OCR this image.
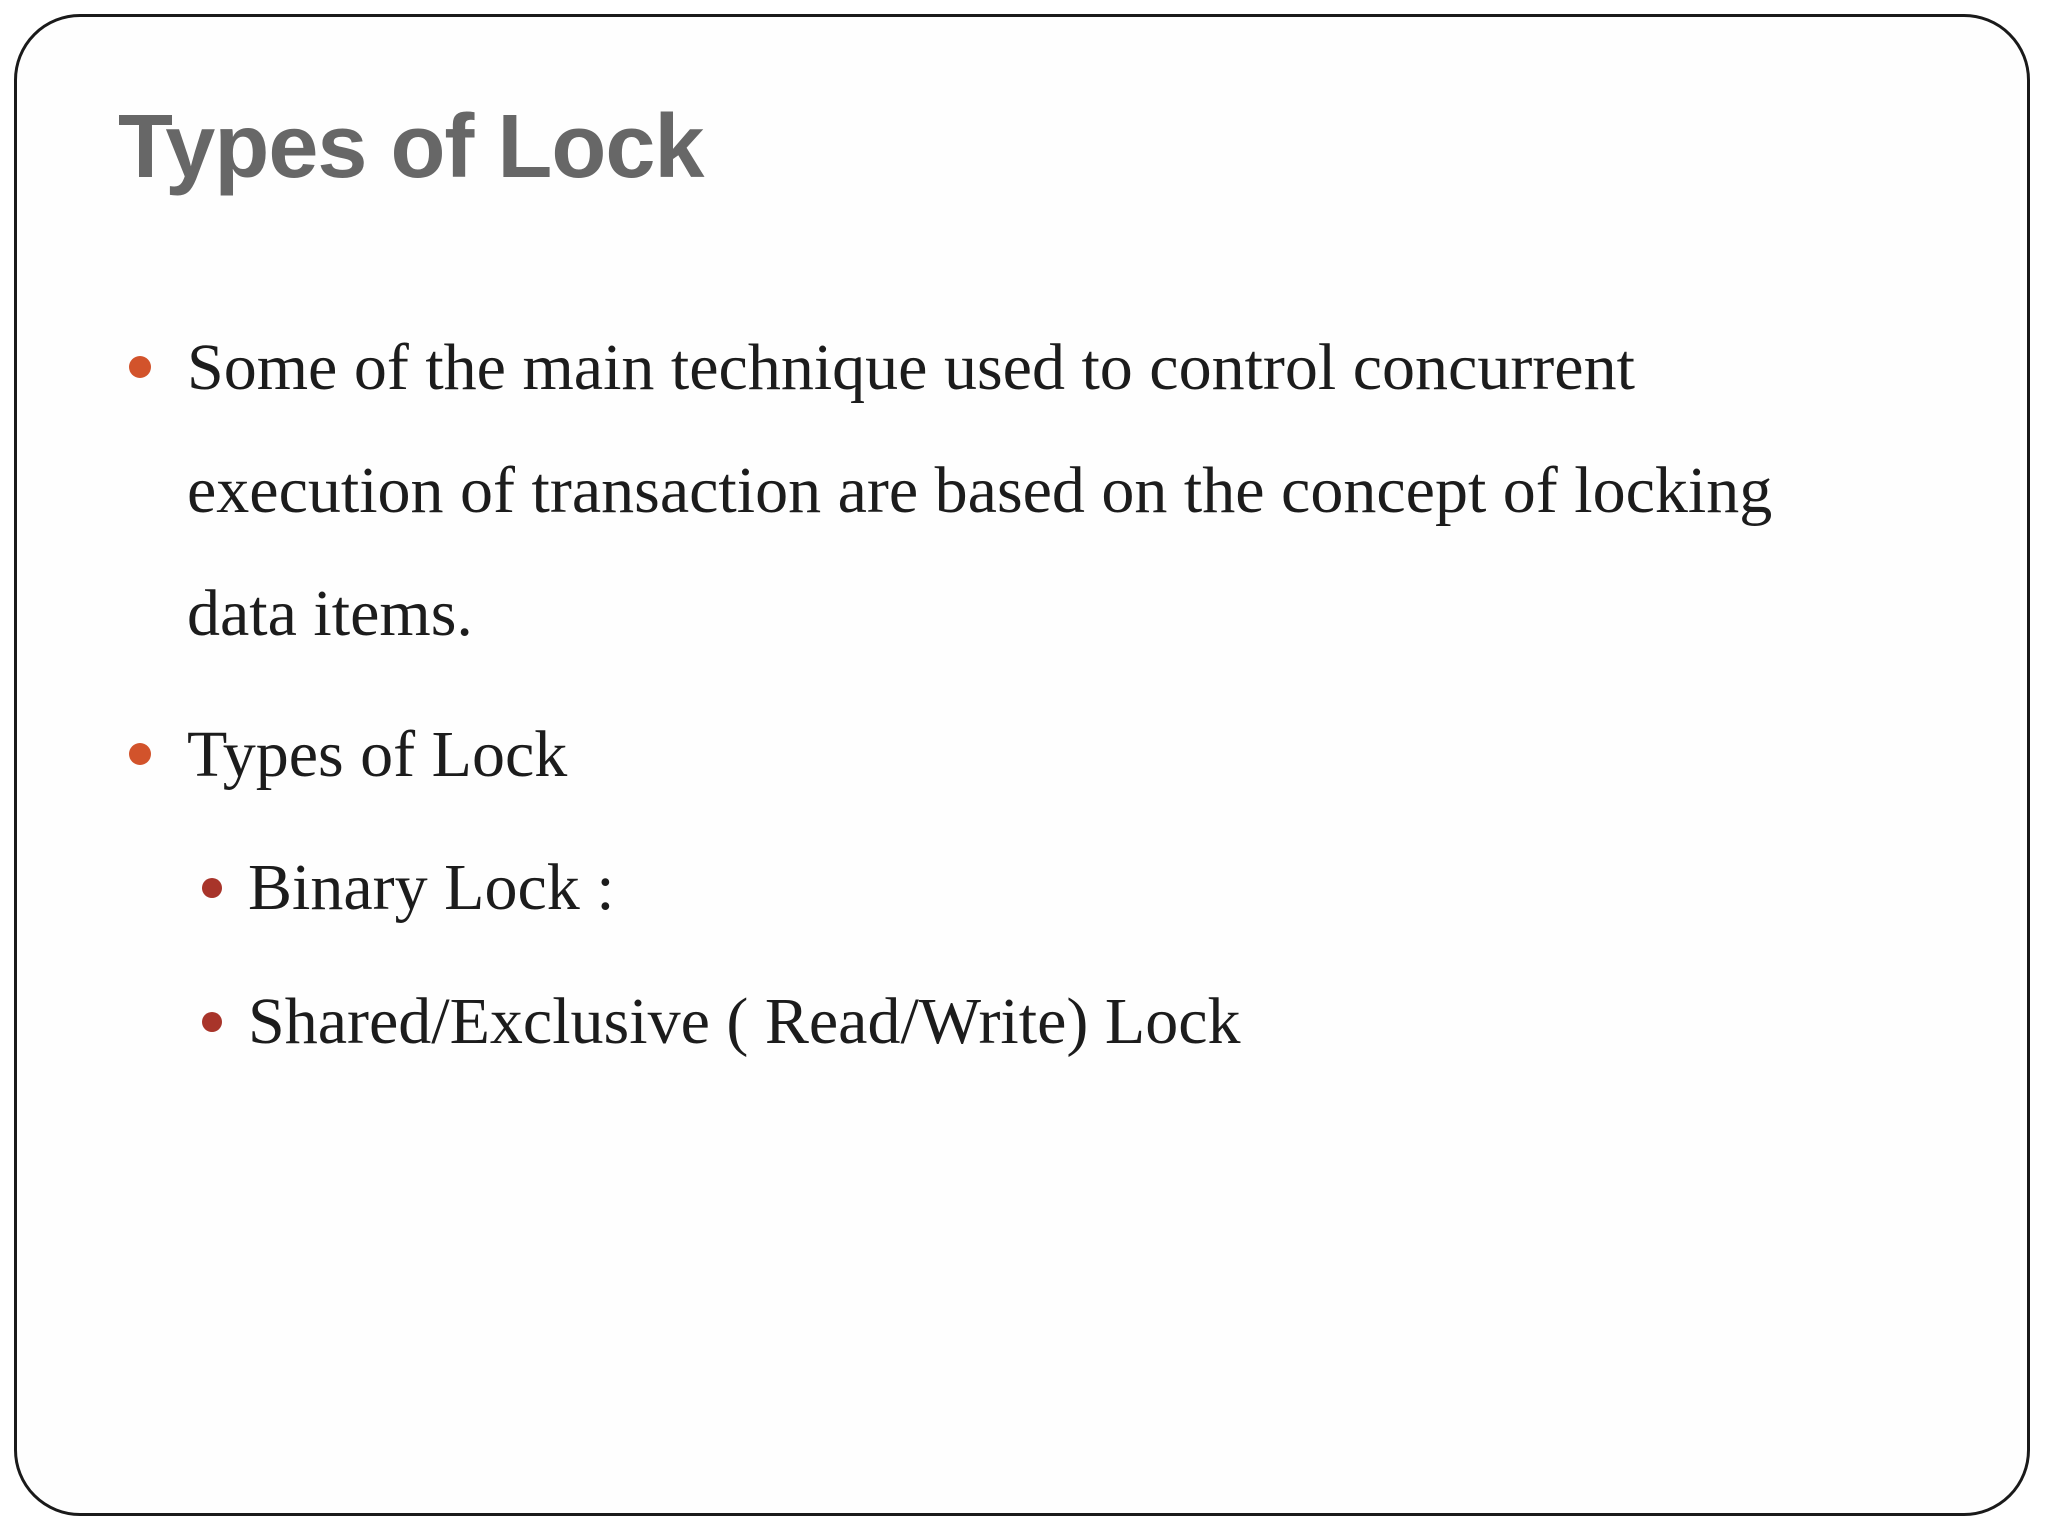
Types of Lock
Some of the main technique used to control concurrent
execution of transaction are based on the concept of locking
data items.
Types of Lock
Binary Lock :
Shared/Exclusive ( Read/Write) Lock
